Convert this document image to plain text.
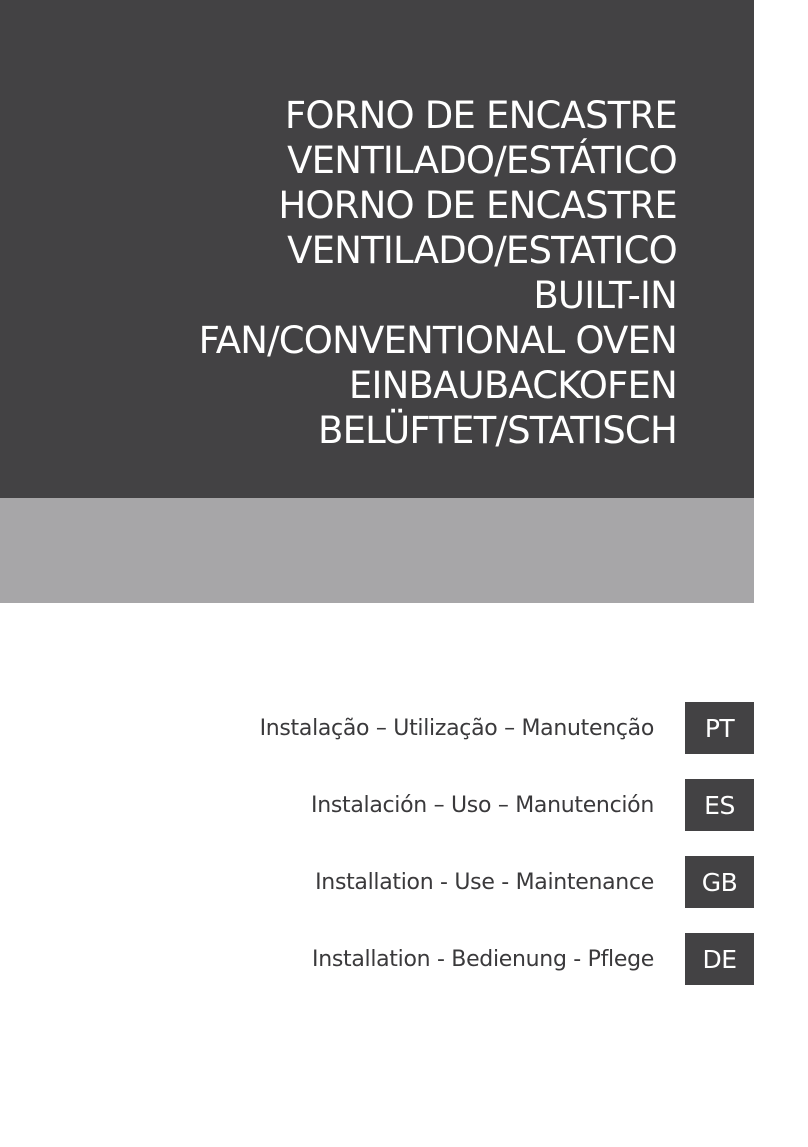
FORNO DE ENCASTRE
VENTILADO/ESTÁTICO
HORNO DE ENCASTRE
VENTILADO/ESTATICO
BUILT-IN
FAN/CONVENTIONAL OVEN
EINBAUBACKOFEN
BELÜFTET/STATISCH
Instalação – Utilização – Manutenção	PT
Instalación – Uso – Manutención	ES
Installation - Use - Maintenance	GB
Installation - Bedienung - Pflege	DE
